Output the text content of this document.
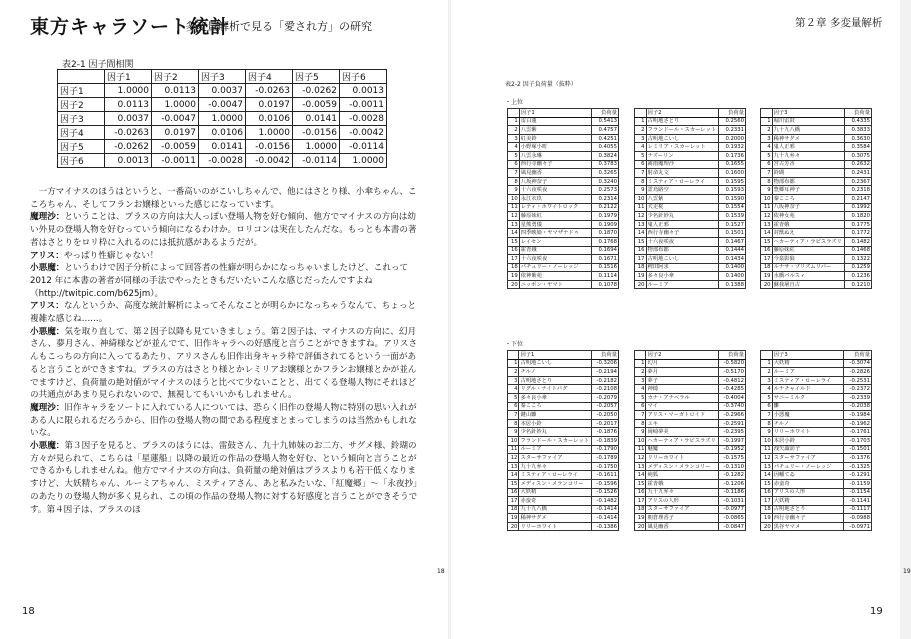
東方キャラソート統計
多変量解析で見る「愛され方」の研究
表2-1 因子間相関
	因子1	因子2	因子3	因子4	因子5	因子6
因子1	1.0000	0.0113	0.0037	-0.0263	-0.0262	0.0013
因子2	0.0113	1.0000	-0.0047	0.0197	-0.0059	-0.0011
因子3	0.0037	-0.0047	1.0000	0.0106	0.0141	-0.0028
因子4	-0.0263	0.0197	0.0106	1.0000	-0.0156	-0.0042
因子5	-0.0262	-0.0059	0.0141	-0.0156	1.0000	-0.0114
因子6	0.0013	-0.0011	-0.0028	-0.0042	-0.0114	1.0000

一方マイナスのほうはというと、一番高いのがこいしちゃんで、他にはさとり様、小傘ちゃん、こころちゃん、そしてフランお嬢様といった感じになっています。

魔理沙：ということは、プラスの方向は大人っぽい登場人物を好む傾向、他方でマイナスの方向は幼い外見の登場人物を好むっていう傾向になるわけか。ロリコンは実在したんだな。もっとも本書の著者はさとりをロリ枠に入れるのには抵抗感があるようだが。

アリス：やっぱり性癖じゃない！

小悪魔：というわけで因子分析によって回答者の性癖が明らかになっちゃいましたけど、これって 2012 年に本書の著者が同様の手法でやったときもだいたいこんな感じだったんですよね（http://twitpic.com/b625jm）。

アリス：なんというか、高度な統計解析によってそんなことが明らかになっちゃうなんて、ちょっと複雑な感じね……。

小悪魔：気を取り直して、第２因子以降も見ていきましょう。第２因子は、マイナスの方向に、幻月さん、夢月さん、神綺様などが並んでて、旧作キャラへの好感度と言うことができますね。アリスさんもこっちの方向に入ってるあたり、アリスさんも旧作出身キャラ枠で評価されてるという一面があると言うことができますね。プラスの方はさとり様とかレミリアお嬢様とかフランお嬢様とかが並んでますけど、負荷量の絶対値がマイナスのほうと比べて少ないことと、出てくる登場人物にそれほどの共通点があまり見られないので、無視してもいいかもしれません。

魔理沙：旧作キャラをソートに入れている人については、恐らく旧作の登場人物に特別の思い入れがある人に限られるだろうから、旧作の登場人物の間である程度まとまってしまうのは当然かもしれないな。

小悪魔：第３因子を見ると、プラスのほうには、雷鼓さん、九十九姉妹のお二方、サグメ様、鈴瑚の方々が見られて、こちらは「星蓮船」以降の最近の作品の登場人物を好む、という傾向と言うことができるかもしれませんね。他方でマイナスの方向は、負荷量の絶対値はプラスよりも若干低くなりますけど、大妖精ちゃん、ルーミアちゃん、ミスティアさん、あと私みたいな、「紅魔郷」～「永夜抄」のあたりの登場人物が多く見られ、この頃の作品の登場人物に対する好感度と言うことができそうです。第４因子は、プラスのほ

18
18
第２章 多変量解析
表2-2 因子負荷量（抜粋）
・上位
・下位
	因子1	負荷量
1	雷白蓮	0.5413
2	八雲紫	0.4757
3	紅美鈴	0.4251
4	小野塚小町	0.4055
5	八雲永琳	0.3824
6	西行寺幽々子	0.3783
7	風見幽香	0.3265
8	八坂神奈子	0.3240
9	十六夜咲夜	0.2573
10	永江衣玖	0.2314
11	レティ・ホワイトロック	0.2122
12	藤原妹紅	0.1979
13	星熊勇儀	0.1909
14	四季映姫・ヤマザナドゥ	0.1870
15	レイセン	0.1768
16	霍青娥	0.1694
17	十六夜咲夜	0.1671
18	パチュリー・ノーレッジ	0.1516
19	依神紫苑	0.1114
20	ニッポン・ヤマト	0.1078
	因子2	負荷量
1	古明地さとり	0.2560
2	フランドール・スカーレット	0.2331
3	古明地こいし	0.2000
4	レミリア・スカーレット	0.1932
5	ナズーリン	0.1736
6	霧雨魔理沙	0.1655
7	射命丸文	0.1600
8	ミスティア・ローレライ	0.1595
9	霊烏路空	0.1593
10	八雲紫	0.1590
11	犬走椛	0.1554
12	少名針妙丸	0.1539
13	鬼人正邪	0.1527
14	西行寺幽々子	0.1501
15	十六夜咲夜	0.1467
16	物部布都	0.1444
17	古明地こいし	0.1434
18	稗田阿求	0.1400
19	多々良小傘	0.1400
20	ルーミア	0.1388
	因子3	負荷量
1	堀川雷鼓	0.4335
2	九十九八橋	0.3833
3	稀神サグメ	0.3630
4	鬼人正邪	0.3584
5	九十九弁々	0.3075
6	宮古芳香	0.2632
7	鈴瑚	0.2431
8	物部布都	0.2367
9	豊郷耳神子	0.2318
10	秦こころ	0.2147
11	八坂神奈子	0.1992
12	依神女苑	0.1820
13	霍青娥	0.1775
14	封獣ぬえ	0.1772
15	ヘカーティア・ラピスラズリ	0.1482
16	藤原妹紅	0.1468
17	今泉影狼	0.1322
18	ルナサ・プリズムリバー	0.1259
19	水橋パルスィ	0.1236
20	蘇我屠自古	0.1210
	因子1	負荷量
1	古明地こいし	-0.3206
2	チルノ	-0.2194
3	古明地さとり	-0.2182
4	リグル・ナイトバグ	-0.2108
5	多々良小傘	-0.2079
6	秦こころ	-0.2057
7	鍵山雛	-0.2050
8	本居小鈴	-0.2017
9	少名針妙丸	-0.1876
10	フランドール・スカーレット	-0.1839
11	ルーミア	-0.1790
12	スターサファイア	-0.1789
13	九十九弁々	-0.1750
14	ミスティア・ローレライ	-0.1611
15	メディスン・メランコリー	-0.1596
16	大妖精	-0.1526
17	赤蛮奇	-0.1482
18	九十九八橋	-0.1414
19	稀神サグメ	-0.1414
20	リリーホワイト	-0.1386
	因子2	負荷量
1	幻月	-0.5820
2	夢月	-0.5170
3	夢子	-0.4812
4	神綺	-0.4285
5	カナ・アナベラル	-0.4004
6	マイ	-0.3740
7	アリス・マーガトロイド	-0.2966
8	ユキ	-0.2591
9	岡崎夢美	-0.2395
10	ヘカーティア・ラピスラズリ	-0.1997
11	魅魔	-0.1952
12	リリーホワイト	-0.1575
13	メディスン・メランコリー	-0.1310
14	純狐	-0.1282
15	霍青娥	-0.1206
16	九十九弁々	-0.1186
17	アリスの人形	-0.1031
18	スターサファイア	-0.0977
19	朝倉理香子	-0.0865
20	風見幽香	-0.0847
	因子3	負荷量
1	大妖精	-0.3074
2	ルーミア	-0.2826
3	ミスティア・ローレライ	-0.2531
4	ルナチャイルド	-0.2372
5	サニーミルク	-0.2339
6	雛	-0.2038
7	小悪魔	-0.1984
8	チルノ	-0.1962
9	リリーホワイト	-0.1761
10	本居小鈴	-0.1703
11	洩矢諏訪子	-0.1501
12	スターサファイア	-0.1376
13	パチュリー・ノーレッジ	-0.1325
14	因幡てゐ	-0.1291
15	赤蛮奇	-0.1159
16	アリスの人形	-0.1154
17	大妖精	-0.1141
18	古明地さとり	-0.1117
19	西行寺幽々子	-0.0988
20	黒谷ヤマメ	-0.0971
19
19
